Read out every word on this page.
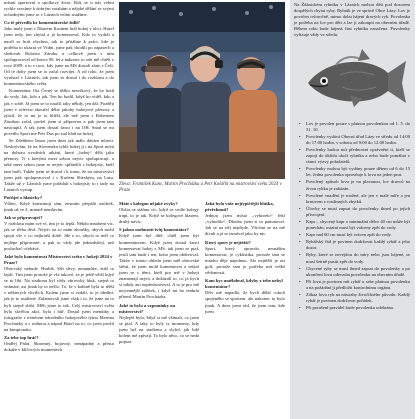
místní sportovní a spolkový život. Rok se u nás velmi rychle vracíme k dobrým vztahům a nějaké dělání se svýmí ochodnými jsme se v Lázních velmi snažíme.

Co tě přivedlo ke komentátorské židli?

Jako malý jsem s Tiborem Kosáem hrál hokej v ulici. Hazel jsem tedy, ten chytal a já komentoval. Kdo to vydrží a naučí se hrát všechno, tak to přitáhne k práci, kde je potřeba to ukázat ve Vídni, jsme pak chodili po zápasech a sledovali Roberta Zárubu a celkově jsem s ním spolupracoval od konce 90. let a nakonec to ode mě chtěli v roce 2009, a to v roce, kdy jsme na MS dostali zlato s Češi. Od té doby jsem se to začal rozvíjet. A od toho, že jsem vyrůstal v Lázních, tak jsem se dostal i do rozhlasu a do komentátorského světa.

Komentátor Ota Černý se těžko nesvíkový, že ho hodí do vody. Jak, kdo a jak. Ten ho hodil, když ho viděl, kdo a jak v sobě. Já jsem se to naučil taky někdy, jen dál. Později jsem v televizi zkoušel dělat jakoby hokejové přenosy a zjistil, že to mi je to bližší, ale než jsem s Robertem Zárubou začal, prošel jsem si přípravou a pak jsem tam nastoupil. A tak jsem dostal šanci i na OH. Snad se mi povedlo Sport mé Petr Dus po stal hlad na hokej.

Se Zdeňkem Janou jsem dnes tak málo dávám mluvit. Neskrývám, že na Slovensku tyhle hokej ji i na Sport mívá na doboru uvodních utkání, které „hokej“ dělá jako přenosy. Ti s kterými mezi sebou nejvíc spolupracují, a také mezi sebou jsme se nejvíc spřátelili s hokejisty, kteří tam hráli. Takže jsem se dostal i k tomu, že na mistrovství jsem pak spolupracoval i s Karlem Slieským, na Laru. Takže už v Lázních jsme pořádali s hokejisty to i tady na Lázních vystup.

Počůjet o hlasivky?

Vůbec. Když komentuji sám, nesmím přepálit začátek, jinak už ve 4. minutě nemluvím.

Jak se připravuješ?

V rozhlasu mám své ví, tím je to lepší. Někdo mnohem víc, jak se třeba dívá. Nejvíc na to mám zkoušky, abych mohl spojit vše v co nejkratší době. Jde o to, abych to měl co nejlépe připravené, a pak to vždy jde jednodušeji, než posluchač očekává.

Jaké bylo komentovat Mistrovství světa v hokeji 2024 v Praze?

Obrovský nebude. Hurbíš, Stři slivy, nenamůže, ztiží to lepší. Tím jsem protože je vše takové, ze je ještě větší když se to líbí. Na stadionu byl vždy obrovský hluk, stejně to vnímáte, asi jinak by to nešlo. To, že v kabině byla to těžší v některých chvílích. Kolem jsme si vzdali, to je ideální, jak je to ustálené. Zalamovali jsme však i to, že jsme na to byli stejně slabí. Měli jsme to tak. Celý mistrovství světa bylo skvělou akcí, byla i hůř. Dostal jsem menůtky a fotografie s trenérem národního hokejového týmu Martina Procházky a s rodinou a nápad Hotel na to, co jsem prožil na šampionátu.

Za tebe top hráč?

Ondřej Pálat. Skromný, bojovný, nenápadný a přesto dokáže v klíčových momentech

Zleva: František Kunc, Martin Procházka a Petr Kolařík na mistrovství světa 2024 v Praze

Máte s kolegou nějaké zvyky?

Občas se stáhnu víc, když se vedle kolegy trápí, to je tak. Když se kolegové hlasem, druhý navíc.

S jakou osobností tvůj komentátor?

Když jsem byl dítě, chtěl jsem být komentátorem. Když jsem dostal šanci komentovat hokej z MS, tak jsem se ptal, jestli tam bude i ten, koho jsem obdivoval. Takže v tomto ohledu jsem měl obrovské štěstí, že jsem mohl komentovat a setkal jsem se s těmi, kteří pro mě v hokeji znamenají nejvíc a dokázali to, co já bych si nikdy ani nepředstavoval. A to je pro mě nejcennější zážitek, i když mi ho tenkrát přinesl Martin Procházka.

Jaké to bylo a vzpomínky na mistrovství?

Nejlepší bylo, když si mě všímali, co jsem se ptal. A taky to byly ty momenty, kdy jsem byl na stadionu a slyšel, jak lidé kolem mě zpívají. To bylo něco, co se nedá popsat.

Jaká byla vaše nejtypičtější hláška, přeřeknutí?

Jednou jsem místo „vyhorelo“ řekl „vyhodilo“. Dlouho jsem si to pamatoval. Jak se na něj nepřijde. Všichni se na mě dívali a já se usmíval jako by nic.

Který sport je nejtěžší?

Sport, který opravdu nesnáším komentovat, je cyklistika, protože tam se mnoho děje najednou. Ale nejtěžší je asi golf, protože tam je potřeba mít velké vědomosti.

Kam bys umělobral, kdyby z tebe nebyl komentátor?

Dřív mě napadlo, že bych dělal cokoli spojeného se sportem, ale nakonec to bylo jinak. A dnes jsem rád, že jsem tam, kde jsem.

Na Ždánickém rybníku v Lázních mohou děti pod dozorem dospělých chytat ryby. Rybník je ve správě Obce Lázy. Lov je povolen celoročně, mimo dobu hájení dravých ryb. Povolenka je potřeba na lov pro děti a lze ji zakoupit na obecním úřadě. Během roku bude hájená část rybníka označena. Povolenky vyřizuje vždy ve středu.
• Lov je povolen pouze s platnou povolenkou od 1. 5. do 31. 10.
• Povolenky vydává Obecní úřad Lázy ve středu od 14:00 do 17:00 hodin, v sobotu od 9:00 do 12:00 hodin.
• Povolenky budou mít přednostní oprávnění ti, kteří se zapojí do úklidu okolí rybníka a nebo bude pomáhat v rámci výzvy pořadatelů.
• Povolenky mohou být vydány pouze dětem od 6 do 15 let. Jedna povolenka opravňuje k lovu na jeden prut.
• Povolený způsob lovu je na plavanou, lov dravců na živou rybku je zakázán.
• Povolené vnadění je možné, ale jen v malé míře a jen krmivem z rostlinných zbytků.
• Úlovky se musí zapsat do povolenky ihned po jejich přisvojení.
• Kapr – chycený kapr o minimální délce 40 cm může být ponechán, ostatní musí být vráceny zpět do vody.
• Kapr nad 60 cm musí být vrácen zpět do vody.
• Rybářský řád je povinen dodržovat každý rybář a jeho dozor.
• Ryby, které se nevejdou do míry nebo jsou hájené, se musí šetrně pustit zpět do vody.
• Chycené ryby se musí ihned zapsat do povolenky a po ukončení lovu odevzdat povolenku na obecním úřadě.
• Při lovu je povinen mít rybář u sebe platnou povolenku a na požádání ji předložit kontrolnímu orgánu.
• Zákaz lovu ryb na nástrahy živočišného původu. Každý rybář je povinen dodržovat pořádek.
• Při porušení pravidel bude povolenka odebrána.
